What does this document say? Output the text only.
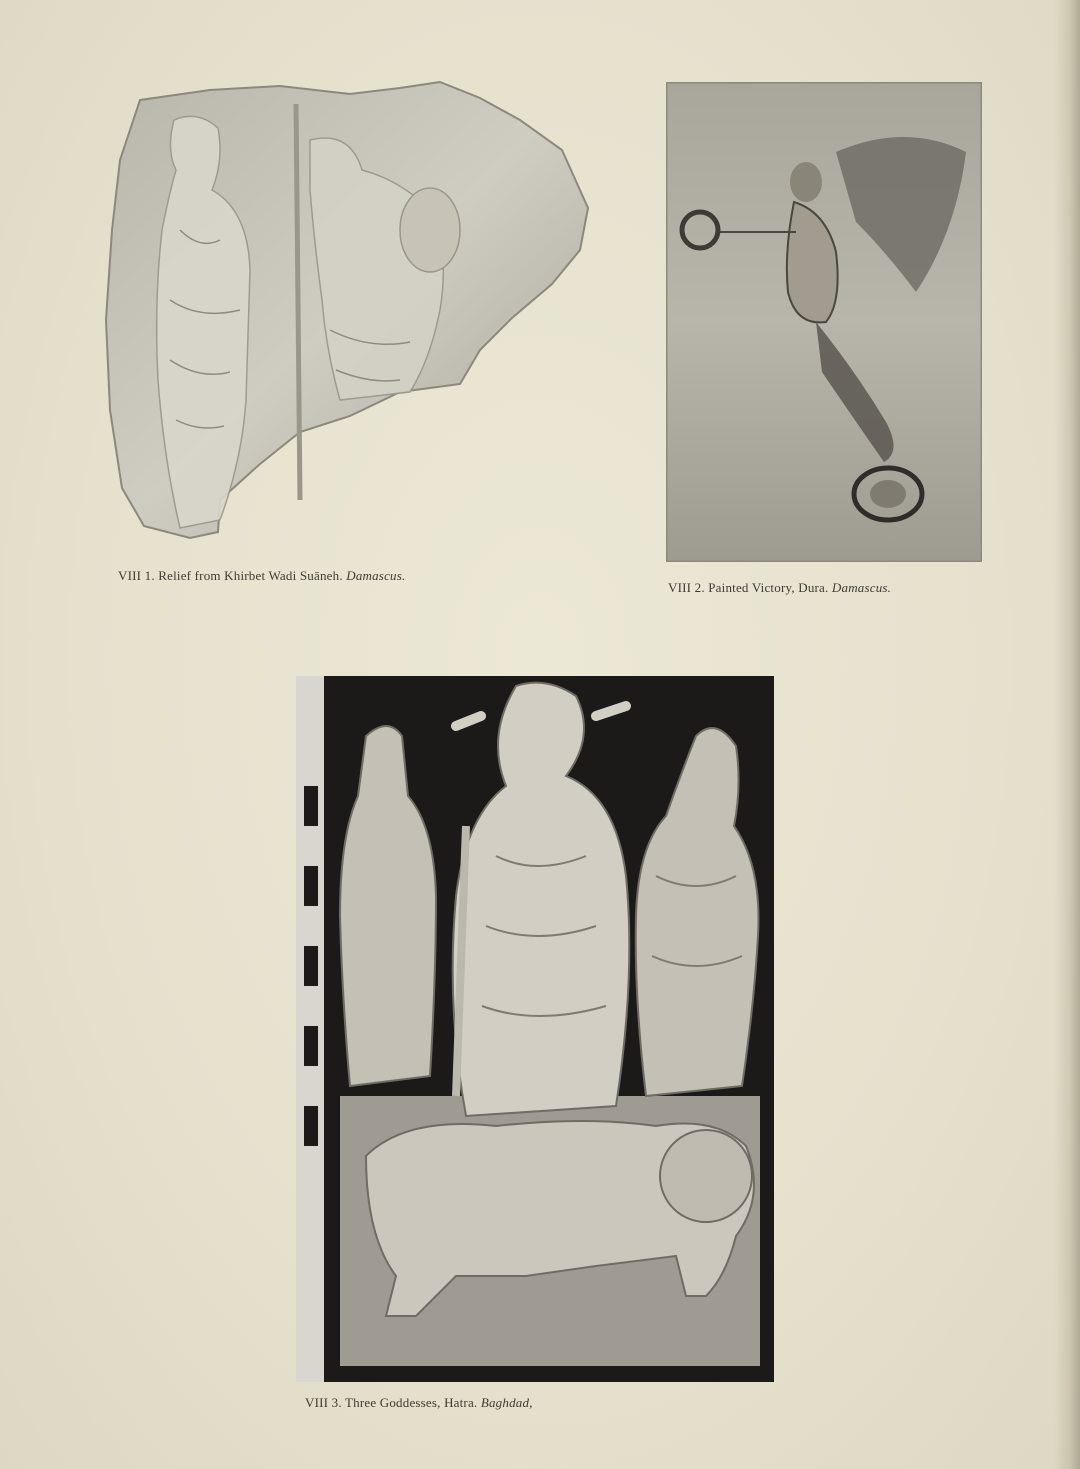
VIII 1. Relief from Khirbet Wadi Suāneh. Damascus.
VIII 2. Painted Victory, Dura. Damascus.
VIII 3. Three Goddesses, Hatra. Baghdad,
